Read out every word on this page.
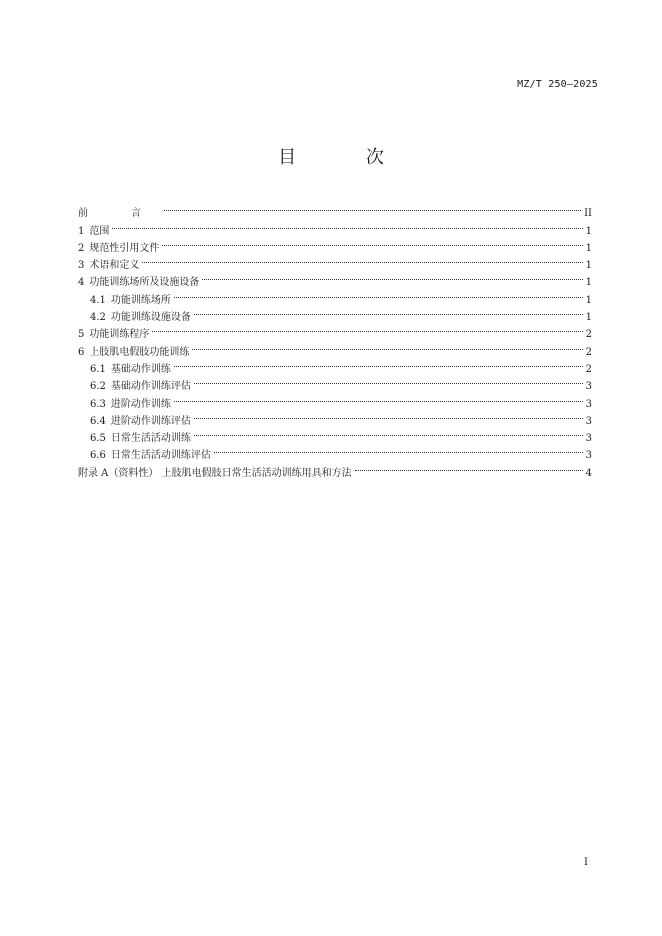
MZ/T 250—2025
目 次
前 言	II
1 范围	1
2 规范性引用文件	1
3 术语和定义	1
4 功能训练场所及设施设备	1
4.1 功能训练场所	1
4.2 功能训练设施设备	1
5 功能训练程序	2
6 上肢肌电假肢功能训练	2
6.1 基础动作训练	2
6.2 基础动作训练评估	3
6.3 进阶动作训练	3
6.4 进阶动作训练评估	3
6.5 日常生活活动训练	3
6.6 日常生活活动训练评估	3
附录 A（资料性） 上肢肌电假肢日常生活活动训练用具和方法	4
I
